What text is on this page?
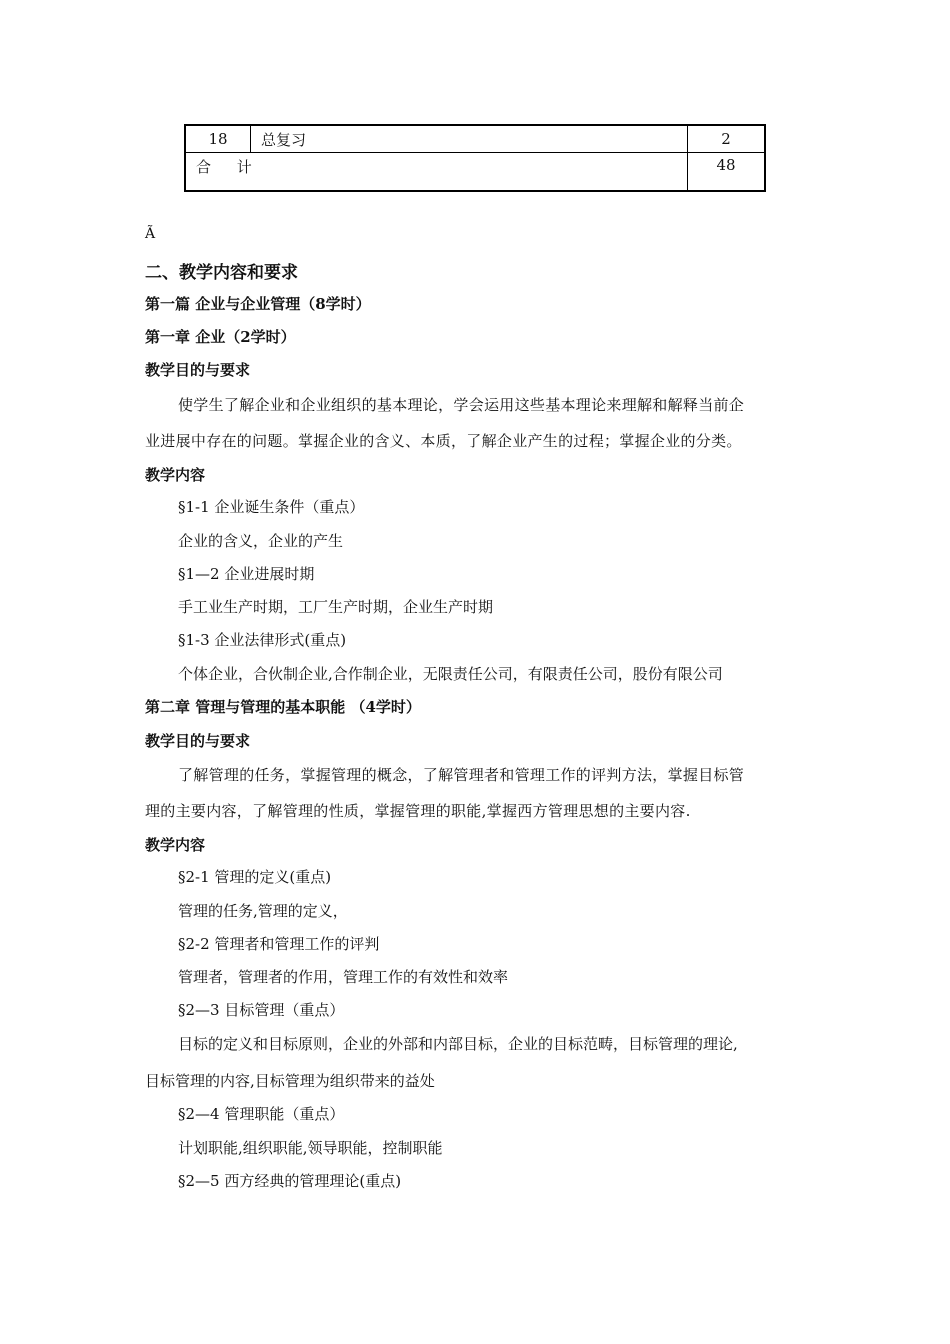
18	总复习	2
合　 计		48
Ã
二、教学内容和要求
第一篇 企业与企业管理（8学时）
第一章 企业（2学时）
教学目的与要求
使学生了解企业和企业组织的基本理论，学会运用这些基本理论来理解和解释当前企
业进展中存在的问题。掌握企业的含义、本质，了解企业产生的过程；掌握企业的分类。
教学内容
§1-1 企业诞生条件（重点）
企业的含义，企业的产生
§1—2 企业进展时期
手工业生产时期，工厂生产时期，企业生产时期
§1-3 企业法律形式(重点)
个体企业，合伙制企业,合作制企业，无限责任公司，有限责任公司，股份有限公司
第二章 管理与管理的基本职能 （4学时）
教学目的与要求
了解管理的任务，掌握管理的概念，了解管理者和管理工作的评判方法，掌握目标管
理的主要内容，了解管理的性质，掌握管理的职能,掌握西方管理思想的主要内容.
教学内容
§2-1 管理的定义(重点)
管理的任务,管理的定义，
§2-2 管理者和管理工作的评判
管理者，管理者的作用，管理工作的有效性和效率
§2—3 目标管理（重点）
目标的定义和目标原则，企业的外部和内部目标，企业的目标范畴，目标管理的理论,
目标管理的内容,目标管理为组织带来的益处
§2—4 管理职能（重点）
计划职能,组织职能,领导职能，控制职能
§2—5 西方经典的管理理论(重点)
